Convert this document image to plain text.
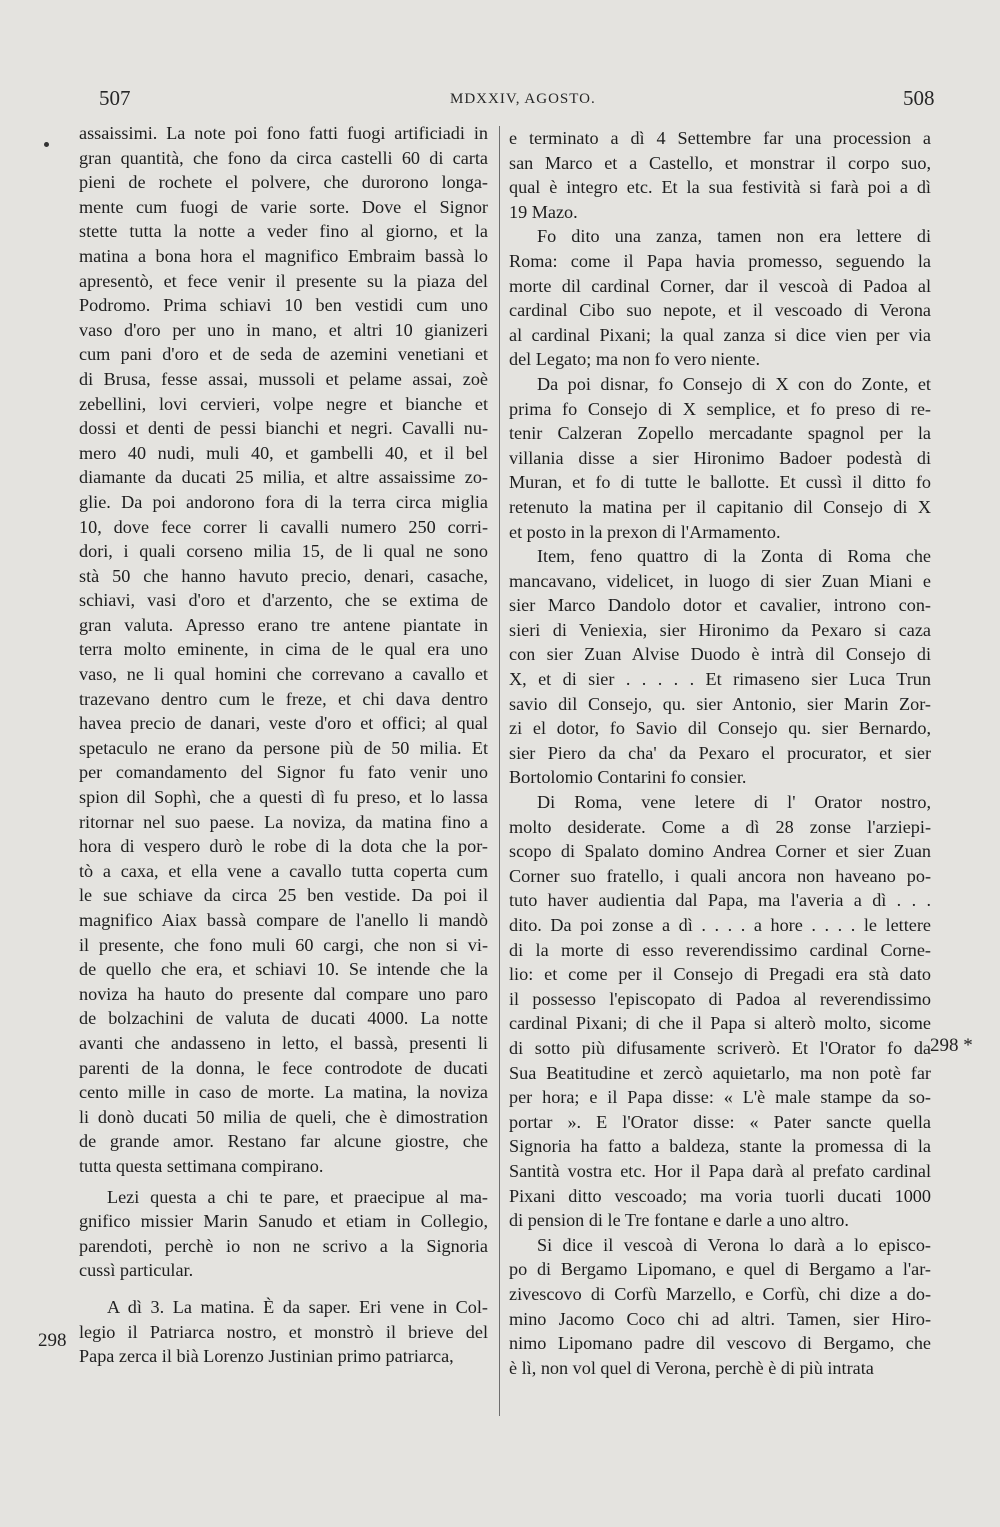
507	MDXXIV, AGOSTO.	508
assaissimi. La note poi fono fatti fuogi artificiadi in
gran quantità, che fono da circa castelli 60 di carta
pieni de rochete el polvere, che durorono longa-
mente cum fuogi de varie sorte. Dove el Signor
stette tutta la notte a veder fino al giorno, et la
matina a bona hora el magnifico Embraim bassà lo
apresentò, et fece venir il presente su la piaza del
Podromo. Prima schiavi 10 ben vestidi cum uno
vaso d'oro per uno in mano, et altri 10 gianizeri
cum pani d'oro et de seda de azemini venetiani et
di Brusa, fesse assai, mussoli et pelame assai, zoè
zebellini, lovi cervieri, volpe negre et bianche et
dossi et denti de pessi bianchi et negri. Cavalli nu-
mero 40 nudi, muli 40, et gambelli 40, et il bel
diamante da ducati 25 milia, et altre assaissime zo-
glie. Da poi andorono fora di la terra circa miglia
10, dove fece correr li cavalli numero 250 corri-
dori, i quali corseno milia 15, de li qual ne sono
stà 50 che hanno havuto precio, denari, casache,
schiavi, vasi d'oro et d'arzento, che se extima de
gran valuta. Apresso erano tre antene piantate in
terra molto eminente, in cima de le qual era uno
vaso, ne li qual homini che correvano a cavallo et
trazevano dentro cum le freze, et chi dava dentro
havea precio de danari, veste d'oro et offici; al qual
spetaculo ne erano da persone più de 50 milia. Et
per comandamento del Signor fu fato venir uno
spion dil Sophì, che a questi dì fu preso, et lo lassa
ritornar nel suo paese. La noviza, da matina fino a
hora di vespero durò le robe di la dota che la por-
tò a caxa, et ella vene a cavallo tutta coperta cum
le sue schiave da circa 25 ben vestide. Da poi il
magnifico Aiax bassà compare de l'anello li mandò
il presente, che fono muli 60 cargi, che non si vi-
de quello che era, et schiavi 10. Se intende che la
noviza ha hauto do presente dal compare uno paro
de bolzachini de valuta de ducati 4000. La notte
avanti che andasseno in letto, el bassà, presenti li
parenti de la donna, le fece controdote de ducati
cento mille in caso de morte. La matina, la noviza
li donò ducati 50 milia de queli, che è dimostration
de grande amor. Restano far alcune giostre, che
tutta questa settimana compirano.
Lezi questa a chi te pare, et praecipue al ma-
gnifico missier Marin Sanudo et etiam in Collegio,
parendoti, perchè io non ne scrivo a la Signoria
cussì particular.
A dì 3. La matina. È da saper. Eri vene in Col-
legio il Patriarca nostro, et monstrò il brieve del
Papa zerca il bià Lorenzo Justinian primo patriarca,
e terminato a dì 4 Settembre far una procession a
san Marco et a Castello, et monstrar il corpo suo,
qual è integro etc. Et la sua festività si farà poi a dì
19 Mazo.
Fo dito una zanza, tamen non era lettere di
Roma: come il Papa havia promesso, seguendo la
morte dil cardinal Corner, dar il vescoà di Padoa al
cardinal Cibo suo nepote, et il vescoado di Verona
al cardinal Pixani; la qual zanza si dice vien per via
del Legato; ma non fo vero niente.
Da poi disnar, fo Consejo di X con do Zonte, et
prima fo Consejo di X semplice, et fo preso di re-
tenir Calzeran Zopello mercadante spagnol per la
villania disse a sier Hironimo Badoer podestà di
Muran, et fo di tutte le ballotte. Et cussì il ditto fo
retenuto la matina per il capitanio dil Consejo di X
et posto in la prexon di l'Armamento.
Item, feno quattro di la Zonta di Roma che
mancavano, videlicet, in luogo di sier Zuan Miani e
sier Marco Dandolo dotor et cavalier, introno con-
sieri di Veniexia, sier Hironimo da Pexaro si caza
con sier Zuan Alvise Duodo è intrà dil Consejo di
X, et di sier . . . . . Et rimaseno sier Luca Trun
savio dil Consejo, qu. sier Antonio, sier Marin Zor-
zi el dotor, fo Savio dil Consejo qu. sier Bernardo,
sier Piero da cha' da Pexaro el procurator, et sier
Bortolomio Contarini fo consier.
Di Roma, vene letere di l' Orator nostro,
molto desiderate. Come a dì 28 zonse l'arziepi-
scopo di Spalato domino Andrea Corner et sier Zuan
Corner suo fratello, i quali ancora non haveano po-
tuto haver audientia dal Papa, ma l'averia a dì . . .
dito. Da poi zonse a dì . . . . a hore . . . . le lettere
di la morte di esso reverendissimo cardinal Corne-
lio: et come per il Consejo di Pregadi era stà dato
il possesso l'episcopato di Padoa al reverendissimo
cardinal Pixani; di che il Papa si alterò molto, sicome
di sotto più difusamente scriverò. Et l'Orator fo da
Sua Beatitudine et zercò aquietarlo, ma non potè far
per hora; e il Papa disse: « L'è male stampe da so-
portar ». E l'Orator disse: « Pater sancte quella
Signoria ha fatto a baldeza, stante la promessa di la
Santità vostra etc. Hor il Papa darà al prefato cardinal
Pixani ditto vescoado; ma voria tuorli ducati 1000
di pension di le Tre fontane e darle a uno altro.
Si dice il vescoà di Verona lo darà a lo episco-
po di Bergamo Lipomano, e quel di Bergamo a l'ar-
zivescovo di Corfù Marzello, e Corfù, chi dize a do-
mino Jacomo Coco chi ad altri. Tamen, sier Hiro-
nimo Lipomano padre dil vescovo di Bergamo, che
è lì, non vol quel di Verona, perchè è di più intrata
298
298 *
